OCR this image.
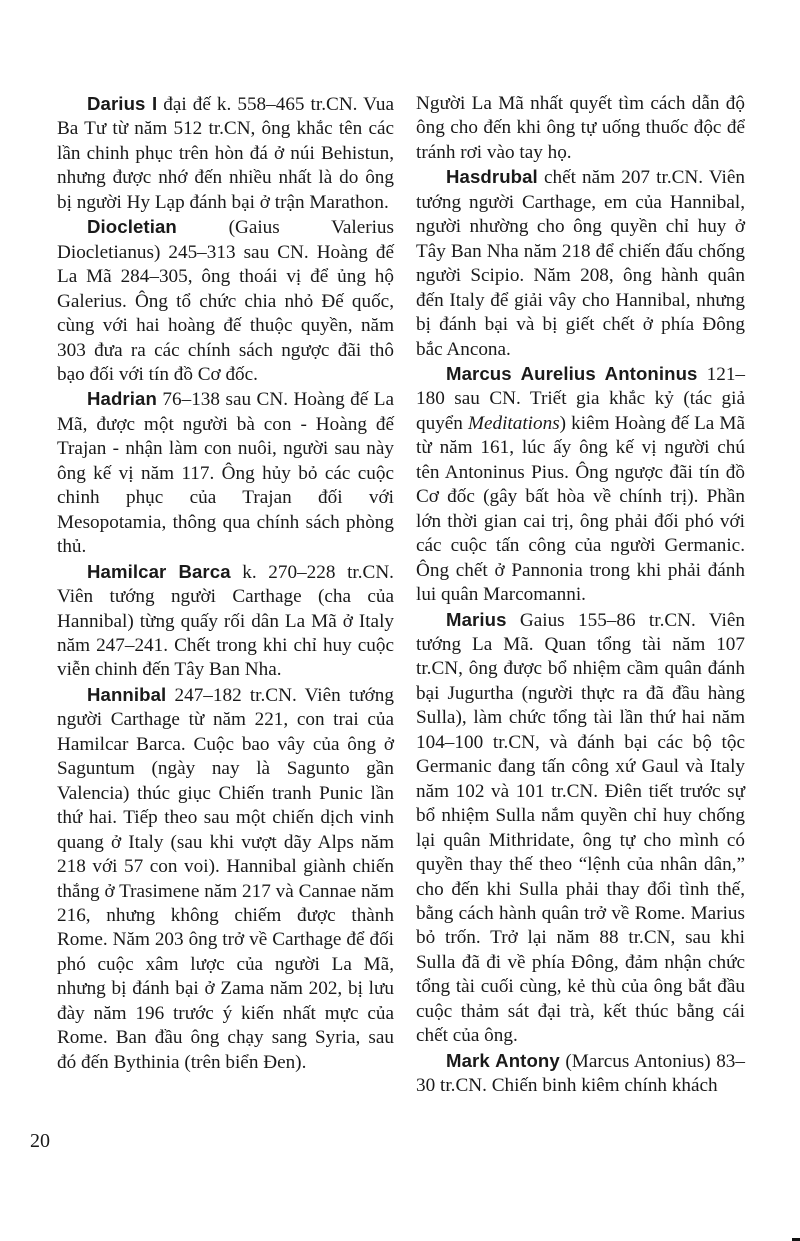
Darius I đại đế k. 558–465 tr.CN. Vua Ba Tư từ năm 512 tr.CN, ông khắc tên các lần chinh phục trên hòn đá ở núi Behistun, nhưng được nhớ đến nhiều nhất là do ông bị người Hy Lạp đánh bại ở trận Marathon.

Diocletian (Gaius Valerius Diocletianus) 245–313 sau CN. Hoàng đế La Mã 284–305, ông thoái vị để ủng hộ Galerius. Ông tổ chức chia nhỏ Đế quốc, cùng với hai hoàng đế thuộc quyền, năm 303 đưa ra các chính sách ngược đãi thô bạo đối với tín đồ Cơ đốc.

Hadrian 76–138 sau CN. Hoàng đế La Mã, được một người bà con - Hoàng đế Trajan - nhận làm con nuôi, người sau này ông kế vị năm 117. Ông hủy bỏ các cuộc chinh phục của Trajan đối với Mesopotamia, thông qua chính sách phòng thủ.

Hamilcar Barca k. 270–228 tr.CN. Viên tướng người Carthage (cha của Hannibal) từng quấy rối dân La Mã ở Italy năm 247–241. Chết trong khi chỉ huy cuộc viễn chinh đến Tây Ban Nha.

Hannibal 247–182 tr.CN. Viên tướng người Carthage từ năm 221, con trai của Hamilcar Barca. Cuộc bao vây của ông ở Saguntum (ngày nay là Sagunto gần Valencia) thúc giục Chiến tranh Punic lần thứ hai. Tiếp theo sau một chiến dịch vinh quang ở Italy (sau khi vượt dãy Alps năm 218 với 57 con voi). Hannibal giành chiến thắng ở Trasimene năm 217 và Cannae năm 216, nhưng không chiếm được thành Rome. Năm 203 ông trở về Carthage để đối phó cuộc xâm lược của người La Mã, nhưng bị đánh bại ở Zama năm 202, bị lưu đày năm 196 trước ý kiến nhất mực của Rome. Ban đầu ông chạy sang Syria, sau đó đến Bythinia (trên biển Đen).

Người La Mã nhất quyết tìm cách dẫn độ ông cho đến khi ông tự uống thuốc độc để tránh rơi vào tay họ.

Hasdrubal chết năm 207 tr.CN. Viên tướng người Carthage, em của Hannibal, người nhường cho ông quyền chỉ huy ở Tây Ban Nha năm 218 để chiến đấu chống người Scipio. Năm 208, ông hành quân đến Italy để giải vây cho Hannibal, nhưng bị đánh bại và bị giết chết ở phía Đông bắc Ancona.

Marcus Aurelius Antoninus 121–180 sau CN. Triết gia khắc kỷ (tác giả quyển Meditations) kiêm Hoàng đế La Mã từ năm 161, lúc ấy ông kế vị người chú tên Antoninus Pius. Ông ngược đãi tín đồ Cơ đốc (gây bất hòa về chính trị). Phần lớn thời gian cai trị, ông phải đối phó với các cuộc tấn công của người Germanic. Ông chết ở Pannonia trong khi phải đánh lui quân Marcomanni.

Marius Gaius 155–86 tr.CN. Viên tướng La Mã. Quan tổng tài năm 107 tr.CN, ông được bổ nhiệm cầm quân đánh bại Jugurtha (người thực ra đã đầu hàng Sulla), làm chức tổng tài lần thứ hai năm 104–100 tr.CN, và đánh bại các bộ tộc Germanic đang tấn công xứ Gaul và Italy năm 102 và 101 tr.CN. Điên tiết trước sự bổ nhiệm Sulla nắm quyền chỉ huy chống lại quân Mithridate, ông tự cho mình có quyền thay thế theo “lệnh của nhân dân,” cho đến khi Sulla phải thay đổi tình thế, bằng cách hành quân trở về Rome. Marius bỏ trốn. Trở lại năm 88 tr.CN, sau khi Sulla đã đi về phía Đông, đảm nhận chức tổng tài cuối cùng, kẻ thù của ông bắt đầu cuộc thảm sát đại trà, kết thúc bằng cái chết của ông.

Mark Antony (Marcus Antonius) 83–30 tr.CN. Chiến binh kiêm chính khách

20
